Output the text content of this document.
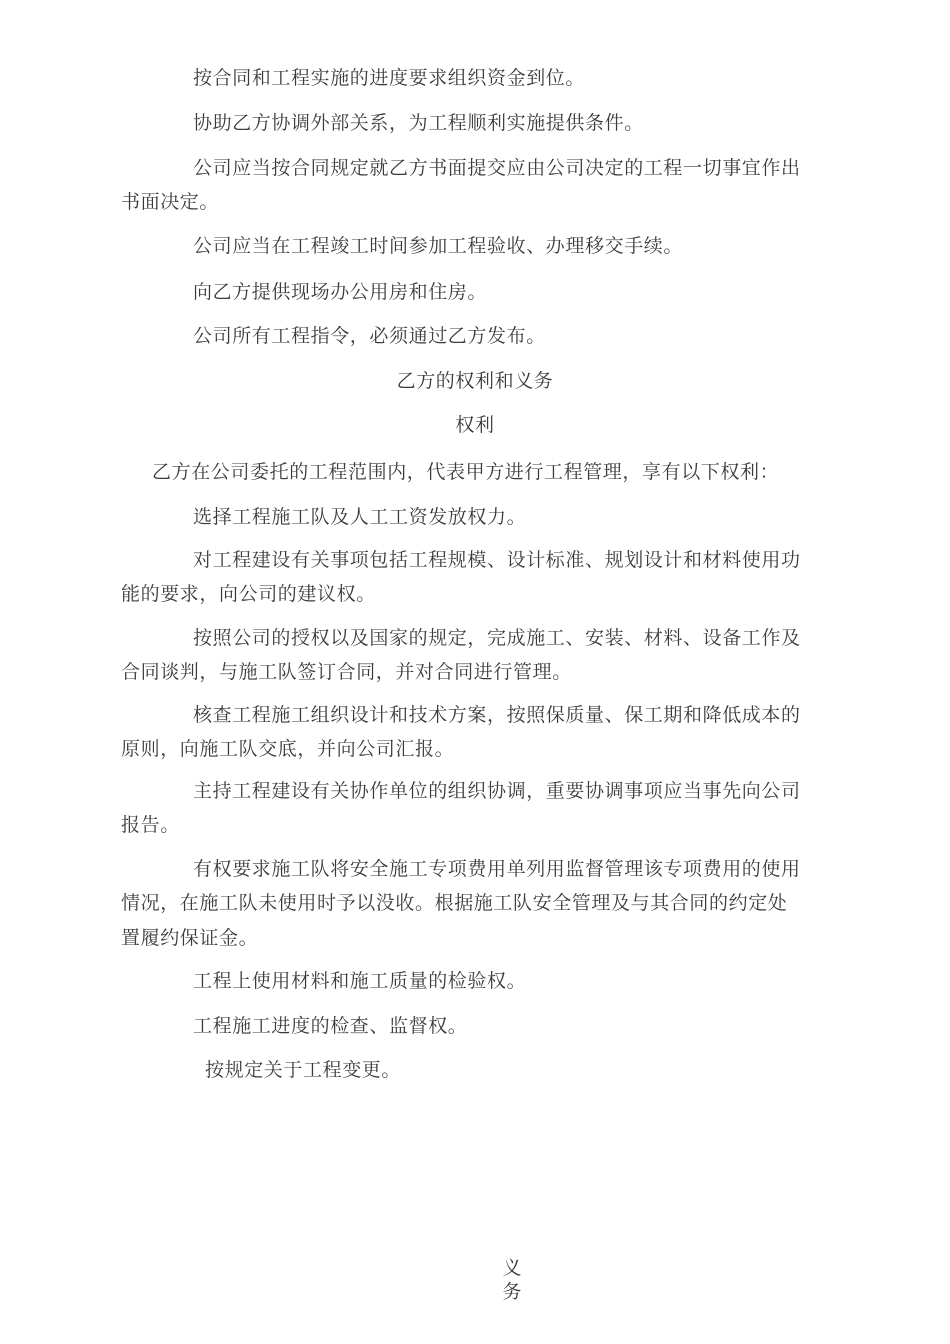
按合同和工程实施的进度要求组织资金到位。
协助乙方协调外部关系，为工程顺利实施提供条件。
公司应当按合同规定就乙方书面提交应由公司决定的工程一切事宜作出
书面决定。
公司应当在工程竣工时间参加工程验收、办理移交手续。
向乙方提供现场办公用房和住房。
公司所有工程指令，必须通过乙方发布。
乙方的权利和义务
权利
乙方在公司委托的工程范围内，代表甲方进行工程管理，享有以下权利：
选择工程施工队及人工工资发放权力。
对工程建设有关事项包括工程规模、设计标准、规划设计和材料使用功
能的要求，向公司的建议权。
按照公司的授权以及国家的规定，完成施工、安装、材料、设备工作及
合同谈判，与施工队签订合同，并对合同进行管理。
核查工程施工组织设计和技术方案，按照保质量、保工期和降低成本的
原则，向施工队交底，并向公司汇报。
主持工程建设有关协作单位的组织协调，重要协调事项应当事先向公司
报告。
有权要求施工队将安全施工专项费用单列用监督管理该专项费用的使用
情况，在施工队未使用时予以没收。根据施工队安全管理及与其合同的约定处
置履约保证金。
工程上使用材料和施工质量的检验权。
工程施工进度的检查、监督权。
按规定关于工程变更。
义
务
